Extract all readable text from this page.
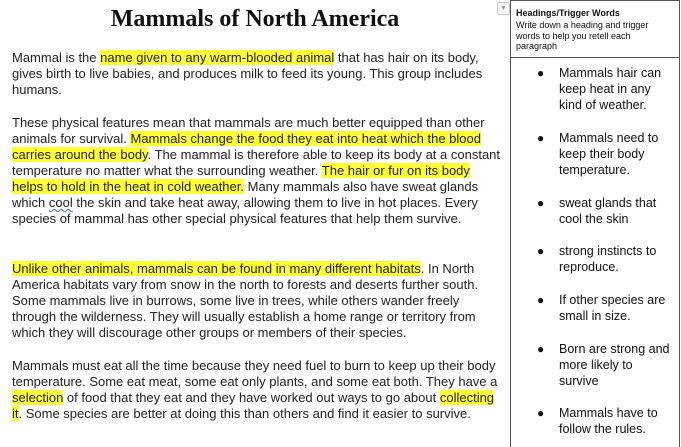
Mammals of North America	▼

Mammal is the name given to any warm-blooded animal that has hair on its body, gives birth to live babies, and produces milk to feed its young. This group includes humans.

These physical features mean that mammals are much better equipped than other animals for survival. Mammals change the food they eat into heat which the blood carries around the body. The mammal is therefore able to keep its body at a constant temperature no matter what the surrounding weather. The hair or fur on its body helps to hold in the heat in cold weather. Many mammals also have sweat glands which cool the skin and take heat away, allowing them to live in hot places. Every species of mammal has other special physical features that help them survive.

Unlike other animals, mammals can be found in many different habitats. In North America habitats vary from snow in the north to forests and deserts further south. Some mammals live in burrows, some live in trees, while others wander freely through the wilderness. They will usually establish a home range or territory from which they will discourage other groups or members of their species.

Mammals must eat all the time because they need fuel to burn to keep up their body temperature. Some eat meat, some eat only plants, and some eat both. They have a selection of food that they eat and they have worked out ways to go about collecting it. Some species are better at doing this than others and find it easier to survive.

Headings/Trigger Words
Write down a heading and trigger words to help you retell each paragraph
● Mammals hair can keep heat in any kind of weather.
● Mammals need to keep their body temperature.
● sweat glands that cool the skin
● strong instincts to reproduce.
● If other species are small in size.
● Born are strong and more likely to survive
● Mammals have to follow the rules.
